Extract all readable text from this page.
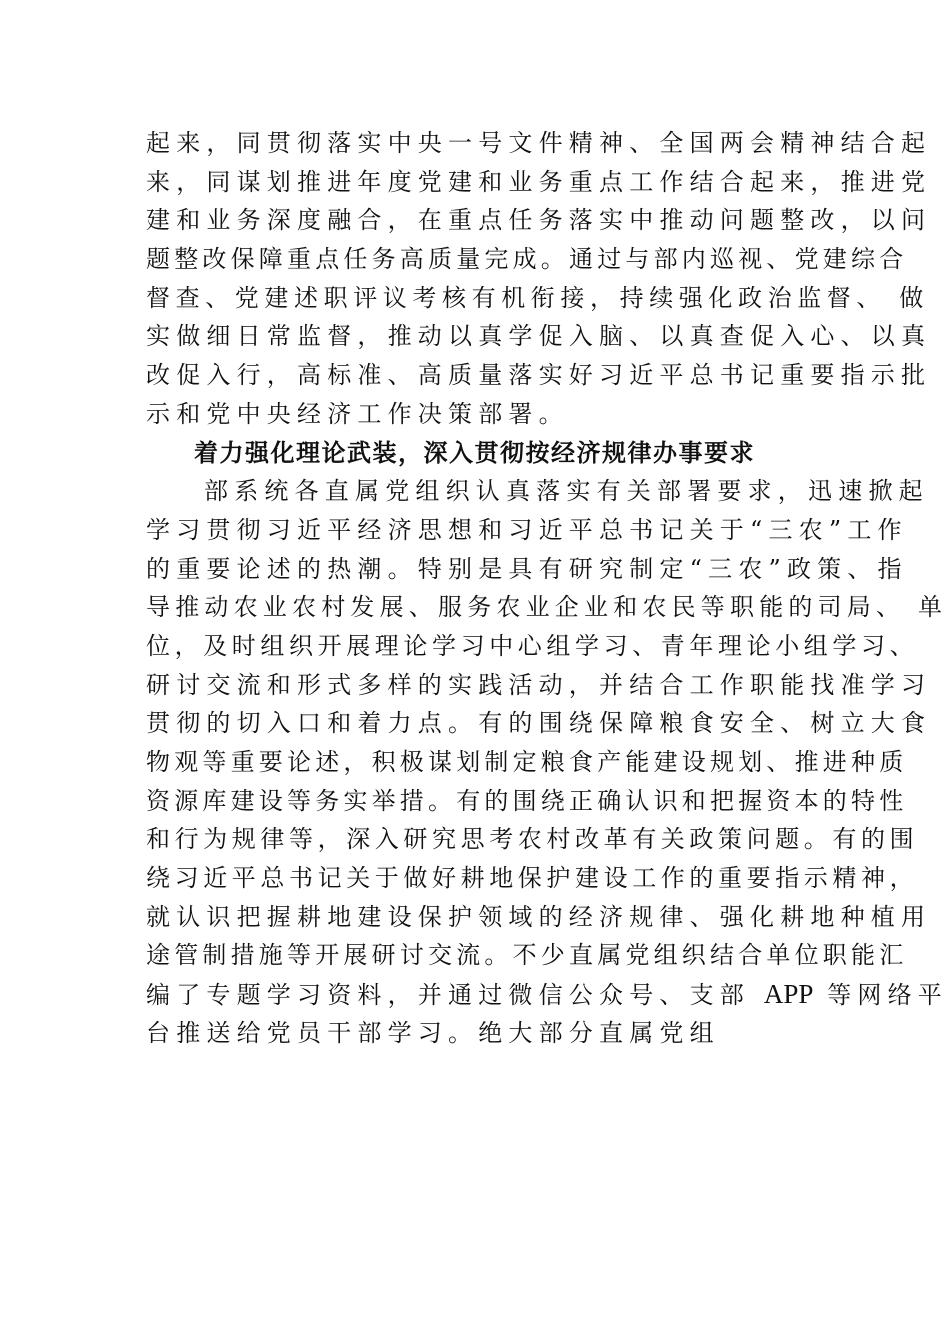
起来，同贯彻落实中央一号文件精神、全国两会精神结合起
来，同谋划推进年度党建和业务重点工作结合起来，推进党
建和业务深度融合，在重点任务落实中推动问题整改，以问
题整改保障重点任务高质量完成。通过与部内巡视、党建综合
督查、党建述职评议考核有机衔接，持续强化政治监督、 做
实做细日常监督，推动以真学促入脑、以真查促入心、以真
改促入行，高标准、高质量落实好习近平总书记重要指示批
示和党中央经济工作决策部署。
着力强化理论武装，深入贯彻按经济规律办事要求
部系统各直属党组织认真落实有关部署要求，迅速掀起
学习贯彻习近平经济思想和习近平总书记关于“三农”工作
的重要论述的热潮。特别是具有研究制定“三农”政策、指
导推动农业农村发展、服务农业企业和农民等职能的司局、 单
位，及时组织开展理论学习中心组学习、青年理论小组学习、
研讨交流和形式多样的实践活动，并结合工作职能找准学习
贯彻的切入口和着力点。有的围绕保障粮食安全、树立大食
物观等重要论述，积极谋划制定粮食产能建设规划、推进种质
资源库建设等务实举措。有的围绕正确认识和把握资本的特性
和行为规律等，深入研究思考农村改革有关政策问题。有的围
绕习近平总书记关于做好耕地保护建设工作的重要指示精神，
就认识把握耕地建设保护领域的经济规律、强化耕地种植用
途管制措施等开展研讨交流。不少直属党组织结合单位职能汇
编了专题学习资料，并通过微信公众号、支部 APP 等网络平
台推送给党员干部学习。绝大部分直属党组
